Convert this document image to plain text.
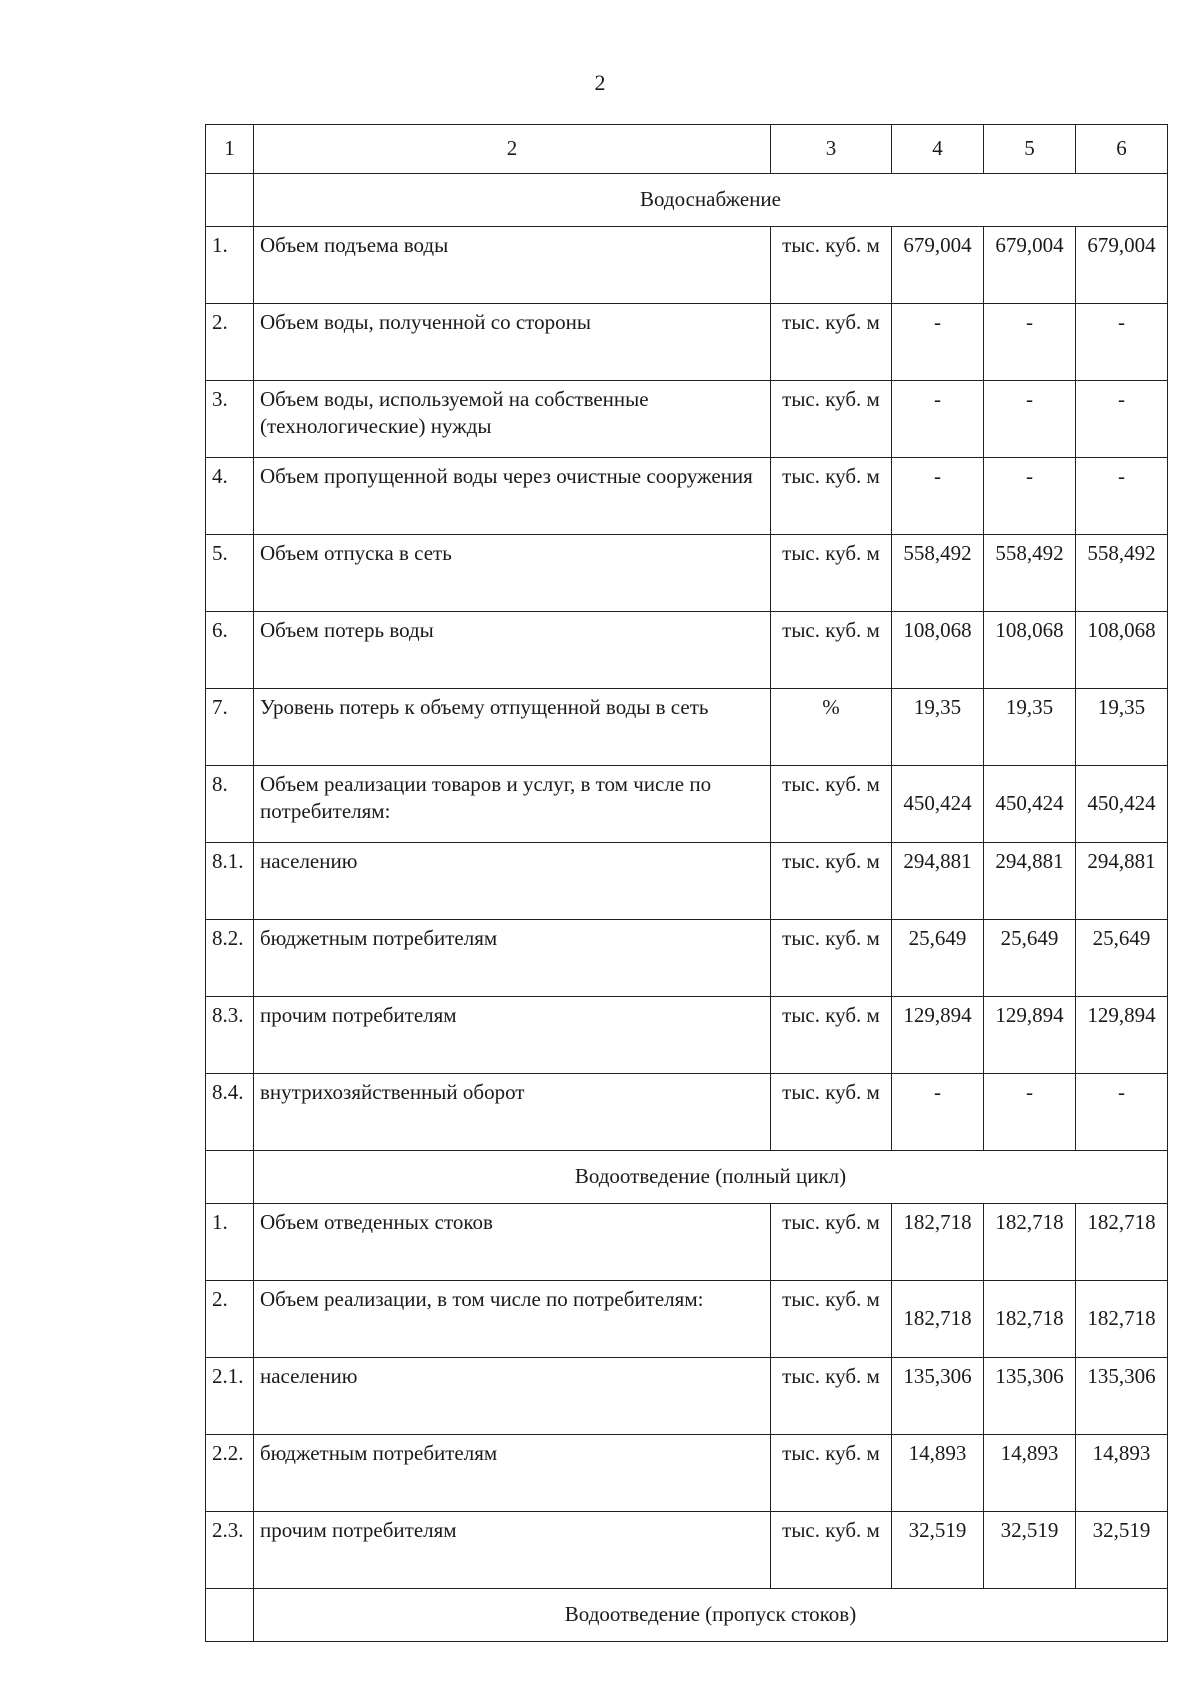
2
1	2	3	4	5	6
	Водоснабжение				
1.	Объем подъема воды	тыс. куб. м	679,004	679,004	679,004
2.	Объем воды, полученной со стороны	тыс. куб. м	-	-	-
3.	Объем воды, используемой на собственные (технологические) нужды	тыс. куб. м	-	-	-
4.	Объем пропущенной воды через очистные сооружения	тыс. куб. м	-	-	-
5.	Объем отпуска в сеть	тыс. куб. м	558,492	558,492	558,492
6.	Объем потерь воды	тыс. куб. м	108,068	108,068	108,068
7.	Уровень потерь к объему отпущенной воды в сеть	%	19,35	19,35	19,35
8.	Объем реализации товаров и услуг, в том числе по потребителям:	тыс. куб. м	450,424	450,424	450,424
8.1.	населению	тыс. куб. м	294,881	294,881	294,881
8.2.	бюджетным потребителям	тыс. куб. м	25,649	25,649	25,649
8.3.	прочим потребителям	тыс. куб. м	129,894	129,894	129,894
8.4.	внутрихозяйственный оборот	тыс. куб. м	-	-	-
	Водоотведение (полный цикл)				
1.	Объем отведенных стоков	тыс. куб. м	182,718	182,718	182,718
2.	Объем реализации, в том числе по потребителям:	тыс. куб. м	182,718	182,718	182,718
2.1.	населению	тыс. куб. м	135,306	135,306	135,306
2.2.	бюджетным потребителям	тыс. куб. м	14,893	14,893	14,893
2.3.	прочим потребителям	тыс. куб. м	32,519	32,519	32,519
	Водоотведение (пропуск стоков)				
